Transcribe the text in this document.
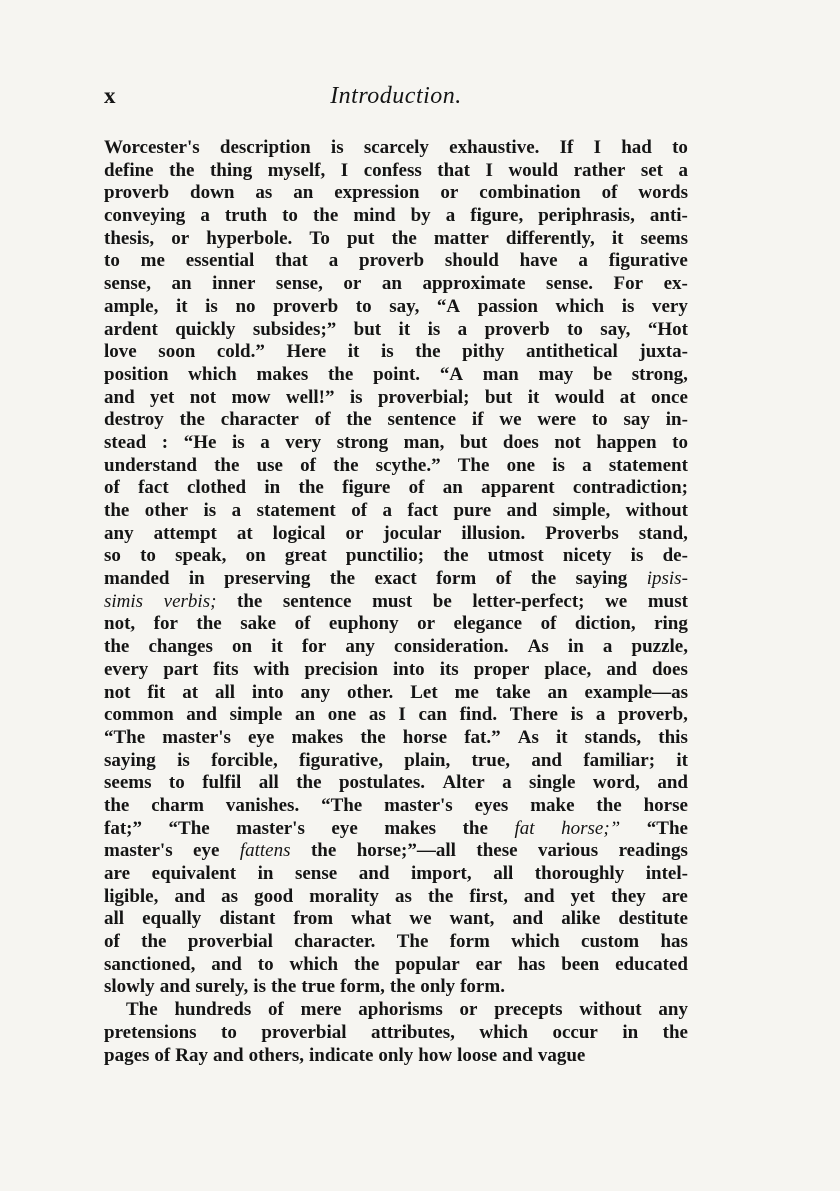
x	Introduction.
Worcester's description is scarcely exhaustive. If I had to
define the thing myself, I confess that I would rather set a
proverb down as an expression or combination of words
conveying a truth to the mind by a figure, periphrasis, anti-
thesis, or hyperbole. To put the matter differently, it seems
to me essential that a proverb should have a figurative
sense, an inner sense, or an approximate sense. For ex-
ample, it is no proverb to say, “A passion which is very
ardent quickly subsides;” but it is a proverb to say, “Hot
love soon cold.” Here it is the pithy antithetical juxta-
position which makes the point. “A man may be strong,
and yet not mow well!” is proverbial; but it would at once
destroy the character of the sentence if we were to say in-
stead : “He is a very strong man, but does not happen to
understand the use of the scythe.” The one is a statement
of fact clothed in the figure of an apparent contradiction;
the other is a statement of a fact pure and simple, without
any attempt at logical or jocular illusion. Proverbs stand,
so to speak, on great punctilio; the utmost nicety is de-
manded in preserving the exact form of the saying ipsis-
simis verbis; the sentence must be letter-perfect; we must
not, for the sake of euphony or elegance of diction, ring
the changes on it for any consideration. As in a puzzle,
every part fits with precision into its proper place, and does
not fit at all into any other. Let me take an example—as
common and simple an one as I can find. There is a proverb,
“The master's eye makes the horse fat.” As it stands, this
saying is forcible, figurative, plain, true, and familiar; it
seems to fulfil all the postulates. Alter a single word, and
the charm vanishes. “The master's eyes make the horse
fat;” “The master's eye makes the fat horse;” “The
master's eye fattens the horse;”—all these various readings
are equivalent in sense and import, all thoroughly intel-
ligible, and as good morality as the first, and yet they are
all equally distant from what we want, and alike destitute
of the proverbial character. The form which custom has
sanctioned, and to which the popular ear has been educated
slowly and surely, is the true form, the only form.
The hundreds of mere aphorisms or precepts without any
pretensions to proverbial attributes, which occur in the
pages of Ray and others, indicate only how loose and vague
